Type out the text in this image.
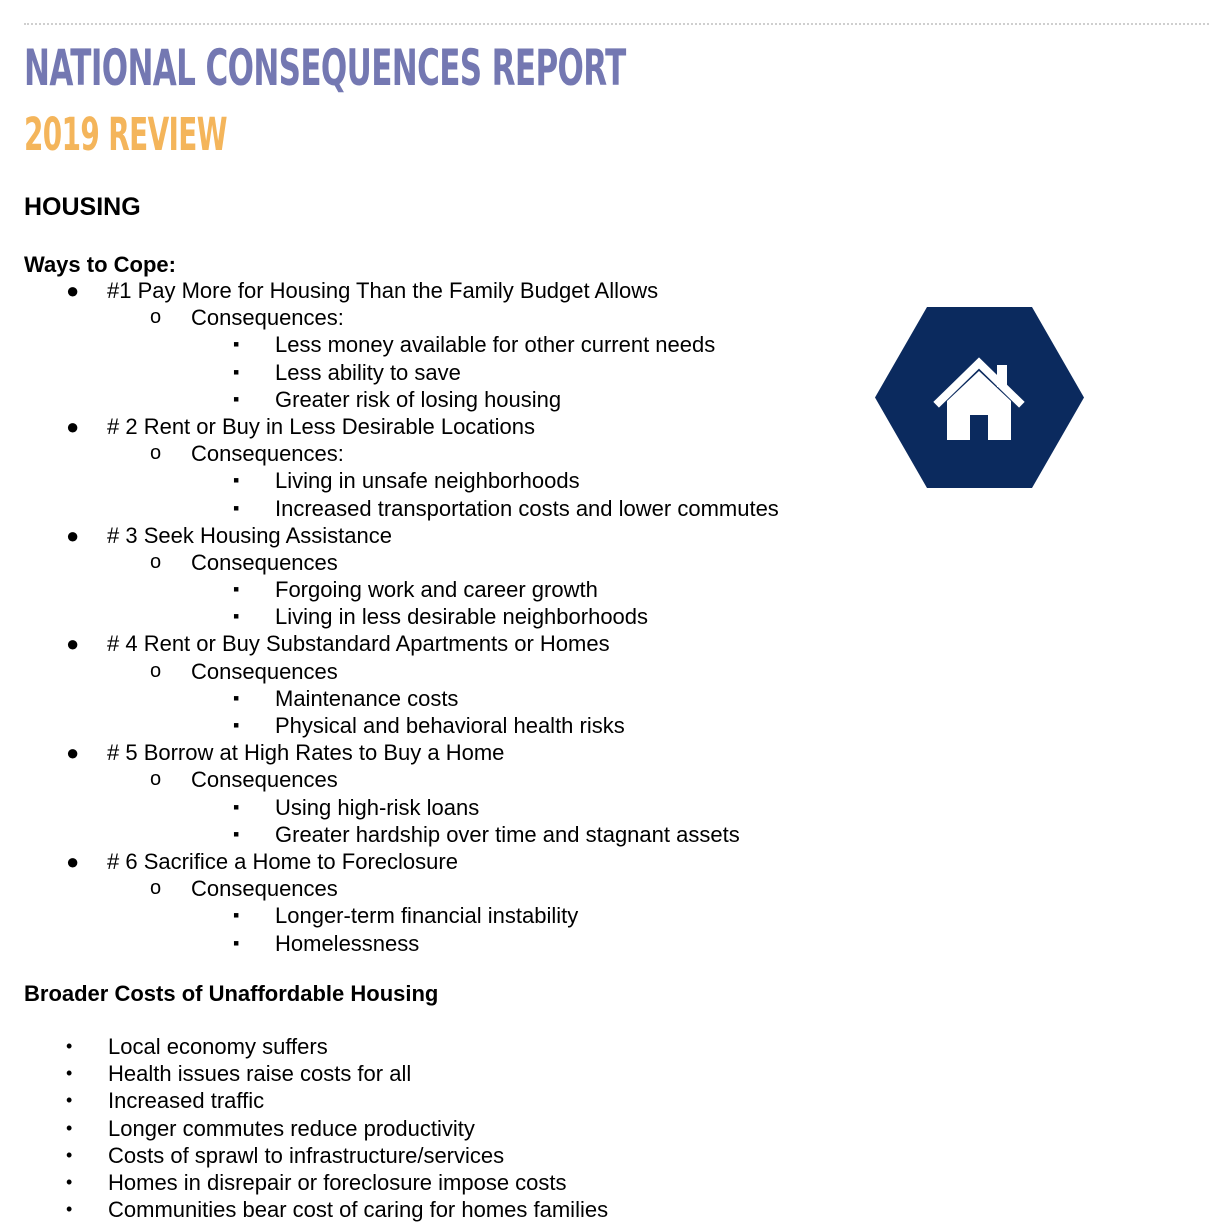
NATIONAL CONSEQUENCES REPORT
2019 REVIEW
HOUSING
Ways to Cope:
● #1 Pay More for Housing Than the Family Budget Allows
o Consequences:
▪ Less money available for other current needs
▪ Less ability to save
▪ Greater risk of losing housing
● # 2 Rent or Buy in Less Desirable Locations
o Consequences:
▪ Living in unsafe neighborhoods
▪ Increased transportation costs and lower commutes
● # 3 Seek Housing Assistance
o Consequences
▪ Forgoing work and career growth
▪ Living in less desirable neighborhoods
● # 4 Rent or Buy Substandard Apartments or Homes
o Consequences
▪ Maintenance costs
▪ Physical and behavioral health risks
● # 5 Borrow at High Rates to Buy a Home
o Consequences
▪ Using high-risk loans
▪ Greater hardship over time and stagnant assets
● # 6 Sacrifice a Home to Foreclosure
o Consequences
▪ Longer-term financial instability
▪ Homelessness
Broader Costs of Unaffordable Housing
• Local economy suffers
• Health issues raise costs for all
• Increased traffic
• Longer commutes reduce productivity
• Costs of sprawl to infrastructure/services
• Homes in disrepair or foreclosure impose costs
• Communities bear cost of caring for homes families
